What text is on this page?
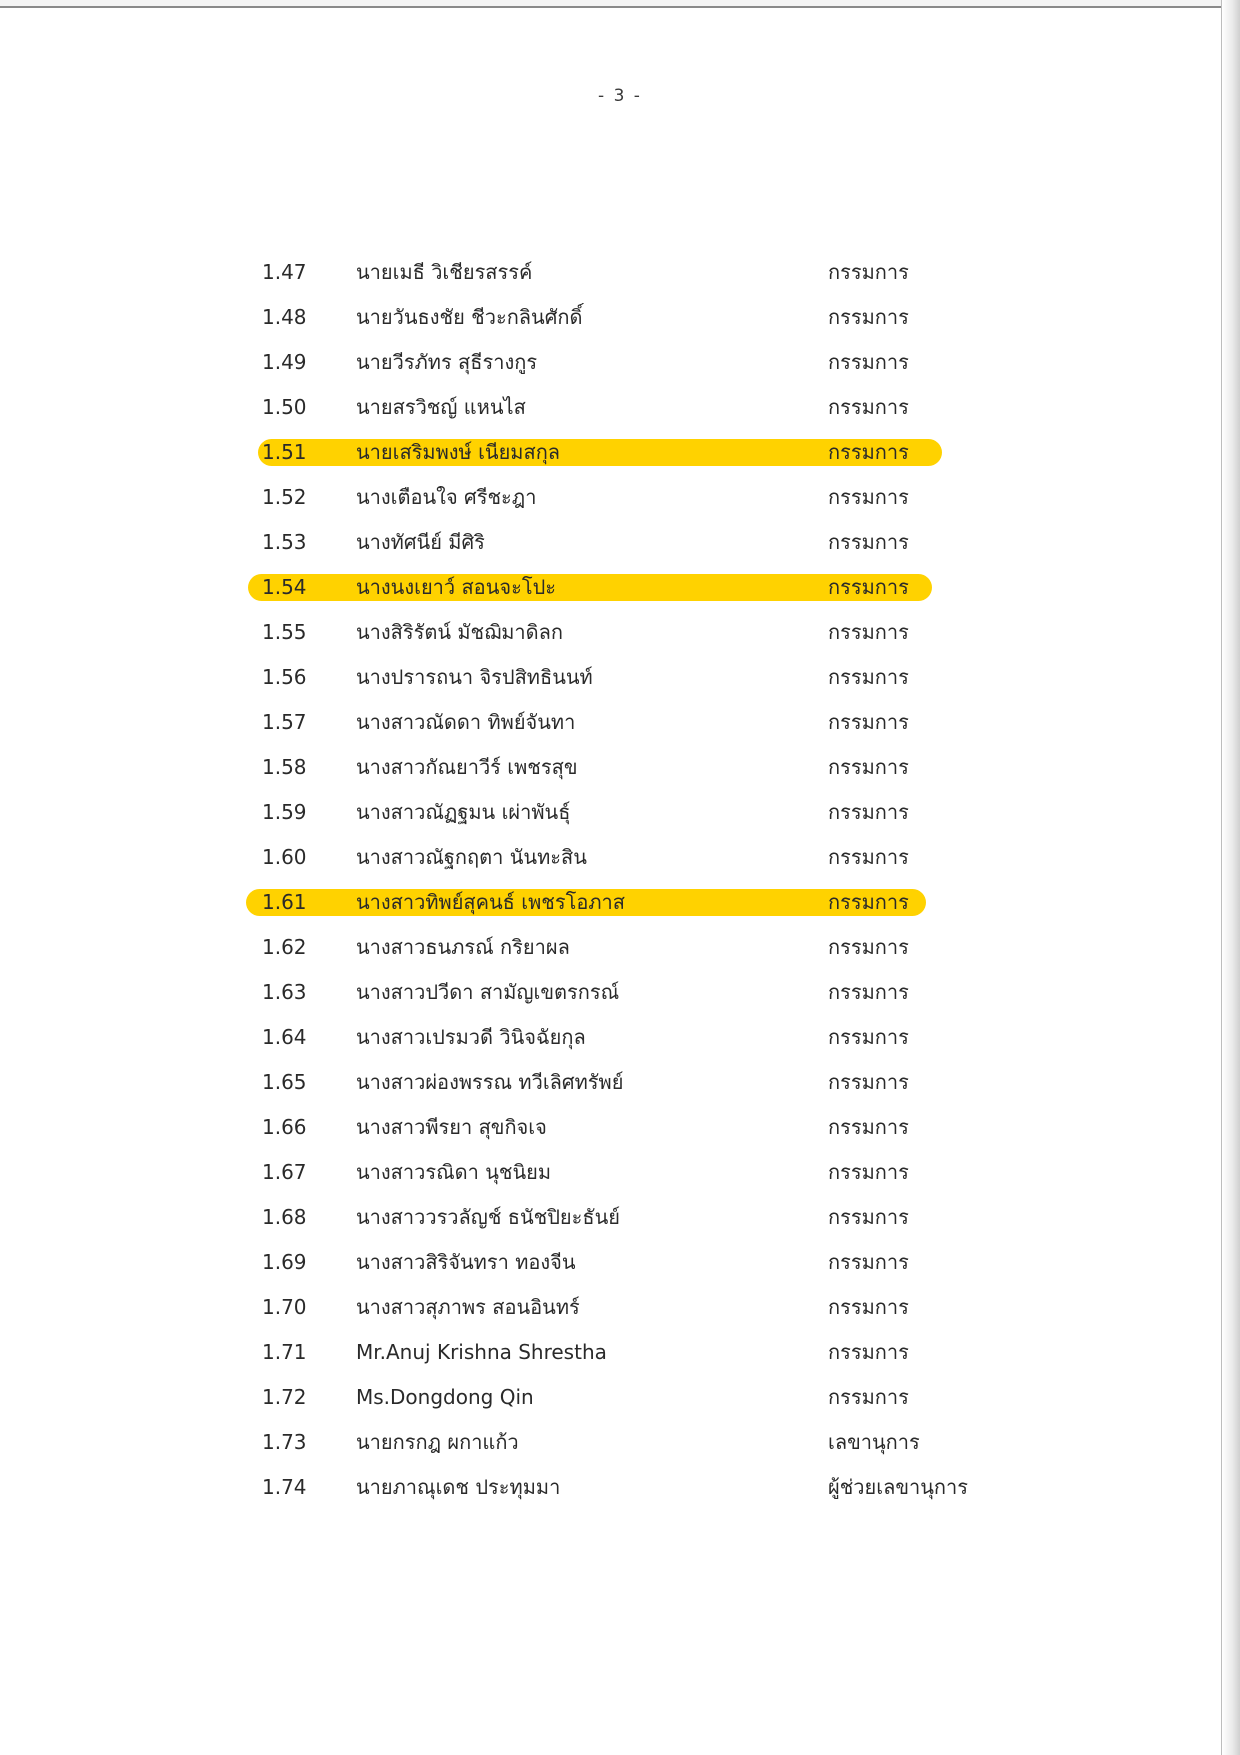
- 3 -
1.47 นายเมธี วิเชียรสรรค์	กรรมการ
1.48 นายวันธงชัย ชีวะกลินศักดิ์	กรรมการ
1.49 นายวีรภัทร สุธีรางกูร	กรรมการ
1.50 นายสรวิชญ์ แหนไส	กรรมการ
1.51 นายเสริมพงษ์ เนียมสกุล	กรรมการ
1.52 นางเตือนใจ ศรีชะฎา	กรรมการ
1.53 นางทัศนีย์ มีศิริ	กรรมการ
1.54 นางนงเยาว์ สอนจะโปะ	กรรมการ
1.55 นางสิริรัตน์ มัชฌิมาดิลก	กรรมการ
1.56 นางปรารถนา จิรปสิทธินนท์	กรรมการ
1.57 นางสาวณัดดา ทิพย์จันทา	กรรมการ
1.58 นางสาวกัณยาวีร์ เพชรสุข	กรรมการ
1.59 นางสาวณัฏฐมน เผ่าพันธุ์	กรรมการ
1.60 นางสาวณัฐกฤตา นันทะสิน	กรรมการ
1.61 นางสาวทิพย์สุคนธ์ เพชรโอภาส	กรรมการ
1.62 นางสาวธนภรณ์ กริยาผล	กรรมการ
1.63 นางสาวปวีดา สามัญเขตรกรณ์	กรรมการ
1.64 นางสาวเปรมวดี วินิจฉัยกุล	กรรมการ
1.65 นางสาวผ่องพรรณ ทวีเลิศทรัพย์	กรรมการ
1.66 นางสาวพีรยา สุขกิจเจ	กรรมการ
1.67 นางสาวรณิดา นุชนิยม	กรรมการ
1.68 นางสาววรวลัญช์ ธนัชปิยะธันย์	กรรมการ
1.69 นางสาวสิริจันทรา ทองจีน	กรรมการ
1.70 นางสาวสุภาพร สอนอินทร์	กรรมการ
1.71 Mr.Anuj Krishna Shrestha	กรรมการ
1.72 Ms.Dongdong Qin	กรรมการ
1.73 นายกรกฎ ผกาแก้ว	เลขานุการ
1.74 นายภาณุเดช ประทุมมา	ผู้ช่วยเลขานุการ
